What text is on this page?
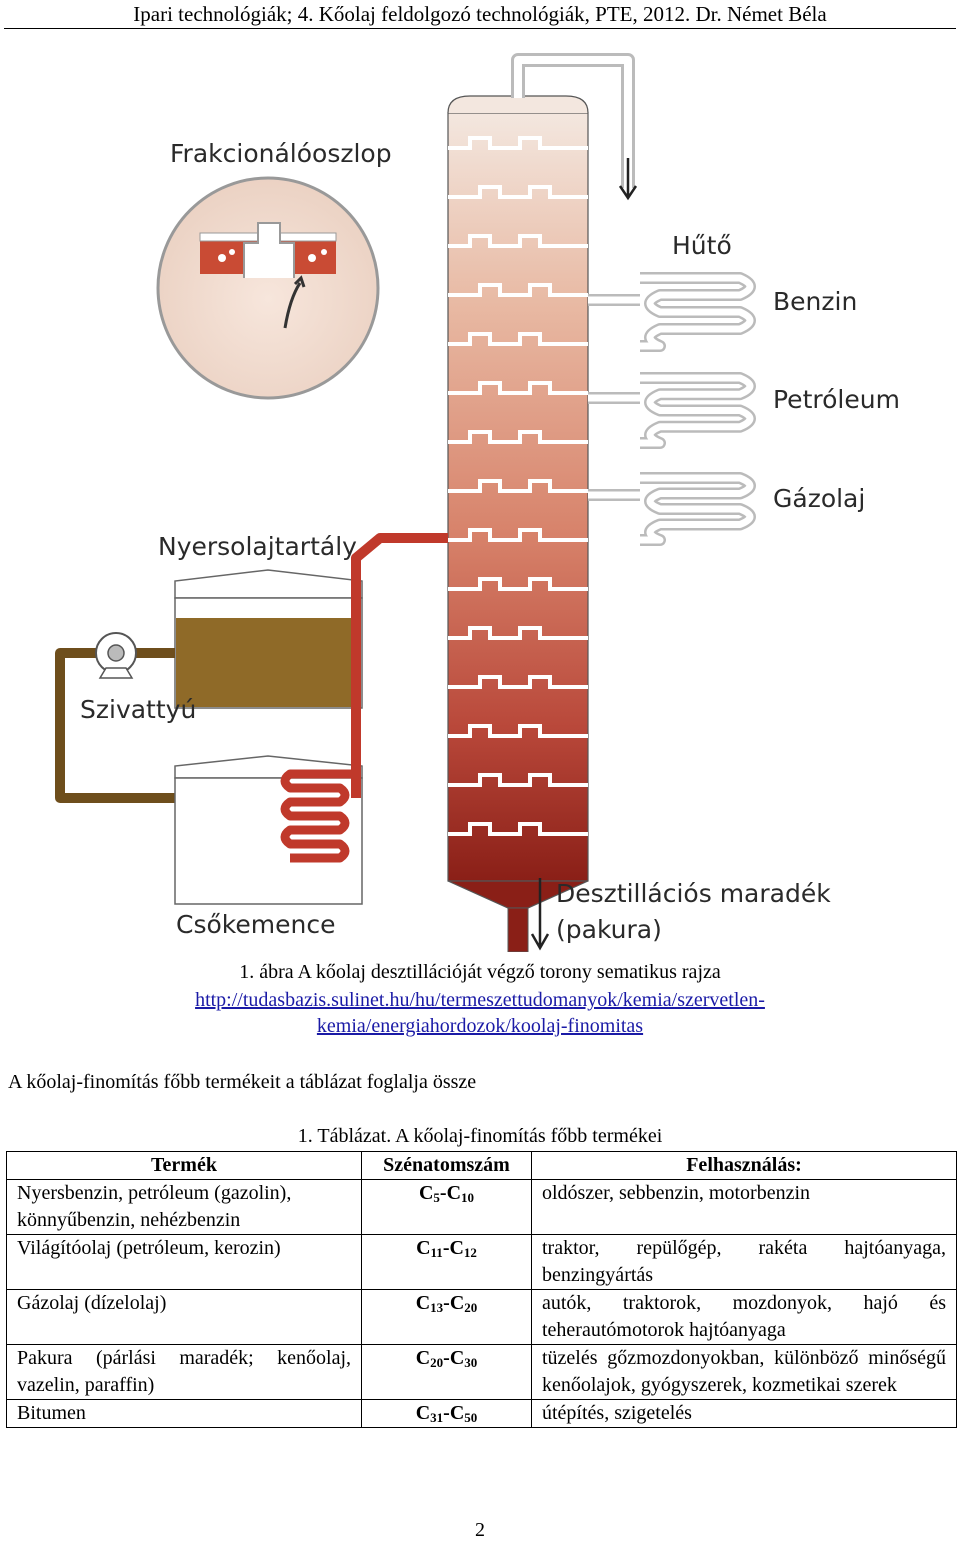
Ipari technológiák; 4. Kőolaj feldolgozó technológiák, PTE, 2012. Dr. Német Béla
Hűtő
Benzin
Petróleum
Gázolaj
Frakcionálóoszlop
Nyersolajtartály
Szivattyú
Csőkemence
Desztillációs maradék
(pakura)
1. ábra A kőolaj desztillációját végző torony sematikus rajza
http://tudasbazis.sulinet.hu/hu/termeszettudomanyok/kemia/szervetlen-
kemia/energiahordozok/koolaj-finomitas
A kőolaj-finomítás főbb termékeit a táblázat foglalja össze
1. Táblázat. A kőolaj-finomítás főbb termékei
Termék	Szénatomszám	Felhasználás:
Nyersbenzin, petróleum (gazolin), könnyűbenzin, nehézbenzin	$C_5-C_{10}$	oldószer, sebbenzin, motorbenzin
Világítóolaj (petróleum, kerozin)	$C_{11}-C_{12}$	traktor, repülőgép, rakéta hajtóanyaga, benzingyártás
Gázolaj (dízelolaj)	$C_{13}-C_{20}$	autók, traktorok, mozdonyok, hajó és teherautómotorok hajtóanyaga
Pakura (párlási maradék; kenőolaj, vazelin, paraffin)	$C_{20}-C_{30}$	tüzelés gőzmozdonyokban, különböző minőségű kenőolajok, gyógyszerek, kozmetikai szerek
Bitumen	$C_{31}-C_{50}$	útépítés, szigetelés
2
